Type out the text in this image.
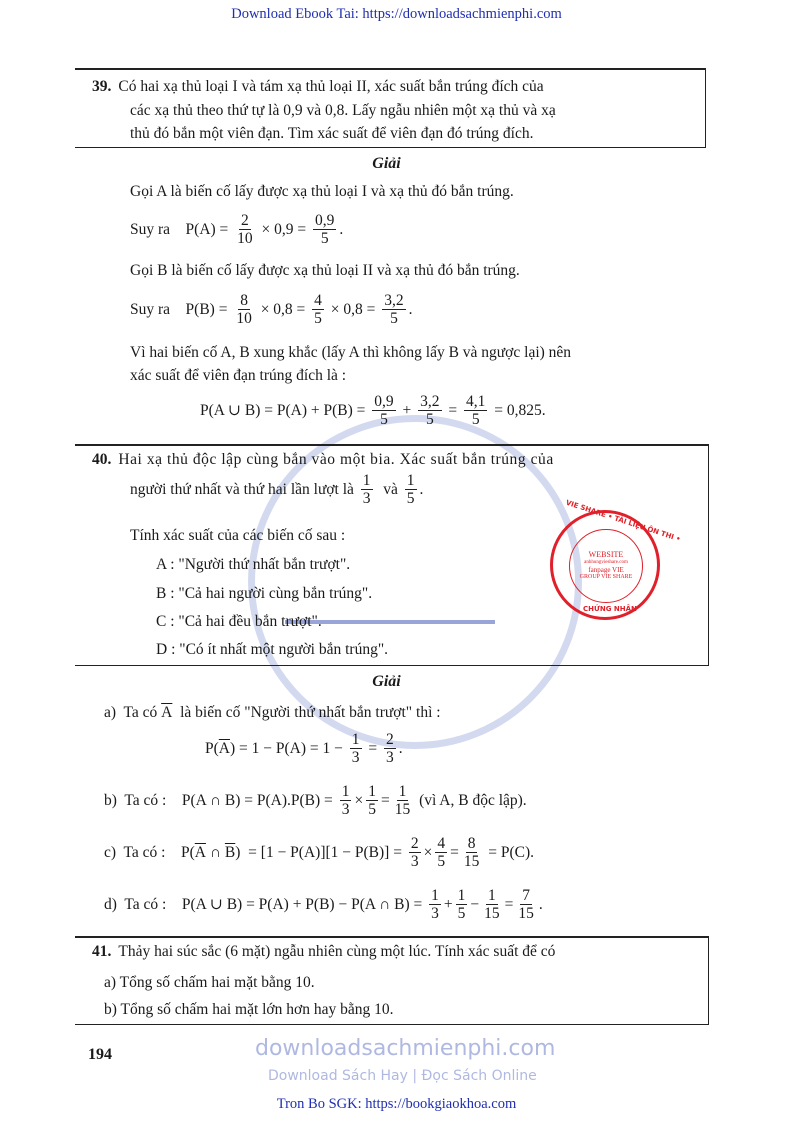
Download Ebook Tai: https://downloadsachmienphi.com
39. Có hai xạ thủ loại I và tám xạ thủ loại II, xác suất bắn trúng đích của
các xạ thủ theo thứ tự là 0,9 và 0,8. Lấy ngẫu nhiên một xạ thủ và xạ
thủ đó bắn một viên đạn. Tìm xác suất để viên đạn đó trúng đích.
Giải
Gọi A là biến cố lấy được xạ thủ loại I và xạ thủ đó bắn trúng.
Suy ra    $P(A) = \frac{2}{10} \times 0,9 = \frac{0,9}{5}$ .
Gọi B là biến cố lấy được xạ thủ loại II và xạ thủ đó bắn trúng.
Suy ra    $P(B) = \frac{8}{10} \times 0,8 = \frac{4}{5} \times 0,8 = \frac{3,2}{5}$ .
Vì hai biến cố A, B xung khắc (lấy A thì không lấy B và ngược lại) nên
xác suất để viên đạn trúng đích là :
P(A ∪ $B) = P(A) + P(B) = \frac{0,9}{5} + \frac{3,2}{5} = \frac{4,1}{5} = 0,825$.
40. Hai xạ thủ độc lập cùng bắn vào một bia. Xác suất bắn trúng của
người thứ nhất và thứ hai lần lượt là $\frac{1}{3}$ và $\frac{1}{5}$ .
Tính xác suất của các biến cố sau :
A : "Người thứ nhất bắn trượt".
B : "Cả hai người cùng bắn trúng".
C : "Cả hai đều bắn trượt".
D : "Có ít nhất một người bắn trúng".
Giải
a)  Ta có $\overline{A}$ là biến cố "Người thứ nhất bắn trượt" thì :
P( $\overline{A}$ ) = $1 - P(A) = 1 - \frac{1}{3} = \frac{2}{3}$ .
b)  Ta có :    P(A ∩ $B) = P(A).P(B) = \frac{1}{3} \times \frac{1}{5} = \frac{1}{15}$ (vì A, B độc lập).
c)  Ta có :    P( $\overline{A}$ ∩ $\overline{B}$ )  = $[1 - P(A)][1 - P(B)] = \frac{2}{3} \times \frac{4}{5} = \frac{8}{15} = P(C)$.
d)  Ta có :    P(A ∪ B) = P(A) + P(B) − P(A ∩ $B) = \frac{1}{3} + \frac{1}{5} - \frac{1}{15} = \frac{7}{15}$ .
VIE SHARE • TÀI LIỆU ÔN THI •
CHỨNG NHẬN
WEBSITE
anhhungvieshare.com
fanpage VIE
GROUP VIE SHARE
41. Thảy hai súc sắc (6 mặt) ngẫu nhiên cùng một lúc. Tính xác suất để có
a) Tổng số chấm hai mặt bằng 10.
b) Tổng số chấm hai mặt lớn hơn hay bằng 10.
194	downloadsachmienphi.com
Download Sách Hay | Đọc Sách Online
Tron Bo SGK: https://bookgiaokhoa.com
